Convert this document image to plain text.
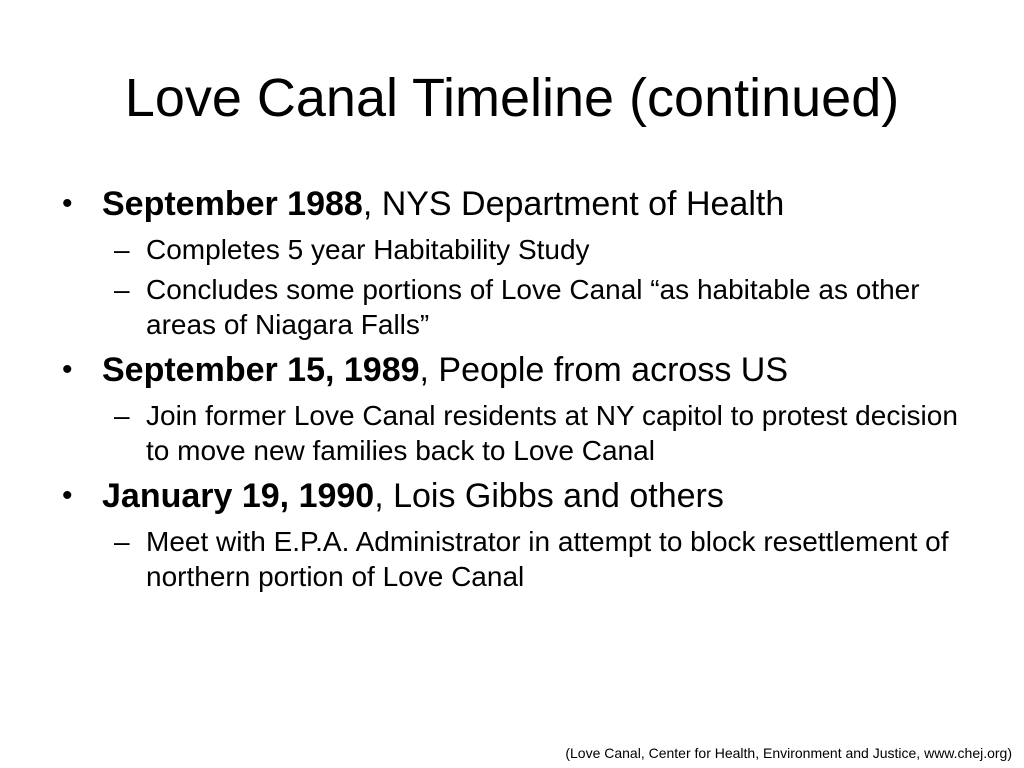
Love Canal Timeline (continued)
• September 1988, NYS Department of Health
– Completes 5 year Habitability Study
– Concludes some portions of Love Canal “as habitable as other areas of Niagara Falls”
• September 15, 1989, People from across US
– Join former Love Canal residents at NY capitol to protest decision to move new families back to Love Canal
• January 19, 1990, Lois Gibbs and others
– Meet with E.P.A. Administrator in attempt to block resettlement of northern portion of Love Canal
(Love Canal, Center for Health, Environment and Justice, www.chej.org)
